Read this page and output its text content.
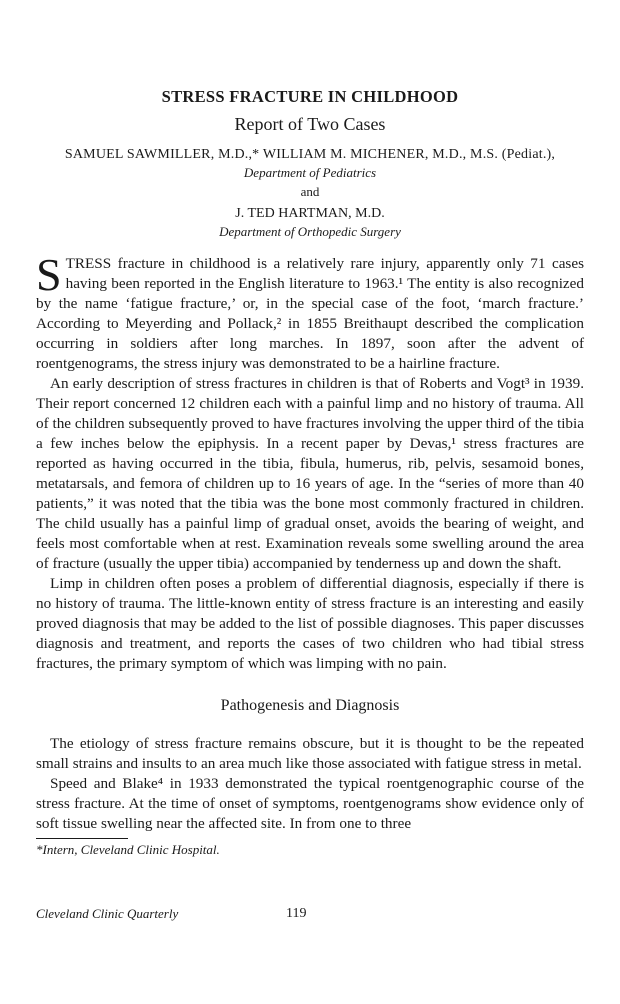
STRESS FRACTURE IN CHILDHOOD

Report of Two Cases

SAMUEL SAWMILLER, M.D.,* WILLIAM M. MICHENER, M.D., M.S. (Pediat.),

Department of Pediatrics

and

J. TED HARTMAN, M.D.

Department of Orthopedic Surgery

STRESS fracture in childhood is a relatively rare injury, apparently only 71 cases having been reported in the English literature to 1963.¹ The entity is also recognized by the name ‘fatigue fracture,’ or, in the special case of the foot, ‘march fracture.’ According to Meyerding and Pollack,² in 1855 Breithaupt described the complication occurring in soldiers after long marches. In 1897, soon after the advent of roentgenograms, the stress injury was demonstrated to be a hairline fracture.

An early description of stress fractures in children is that of Roberts and Vogt³ in 1939. Their report concerned 12 children each with a painful limp and no history of trauma. All of the children subsequently proved to have fractures involving the upper third of the tibia a few inches below the epiphysis. In a recent paper by Devas,¹ stress fractures are reported as having occurred in the tibia, fibula, humerus, rib, pelvis, sesamoid bones, metatarsals, and femora of children up to 16 years of age. In the “series of more than 40 patients,” it was noted that the tibia was the bone most commonly fractured in children. The child usually has a painful limp of gradual onset, avoids the bearing of weight, and feels most comfortable when at rest. Examination reveals some swelling around the area of fracture (usually the upper tibia) accompanied by tenderness up and down the shaft.

Limp in children often poses a problem of differential diagnosis, especially if there is no history of trauma. The little-known entity of stress fracture is an interesting and easily proved diagnosis that may be added to the list of possible diagnoses. This paper discusses diagnosis and treatment, and reports the cases of two children who had tibial stress fractures, the primary symptom of which was limping with no pain.

Pathogenesis and Diagnosis

The etiology of stress fracture remains obscure, but it is thought to be the repeated small strains and insults to an area much like those associated with fatigue stress in metal.

Speed and Blake⁴ in 1933 demonstrated the typical roentgenographic course of the stress fracture. At the time of onset of symptoms, roentgenograms show evidence only of soft tissue swelling near the affected site. In from one to three

*Intern, Cleveland Clinic Hospital.

Cleveland Clinic Quarterly	119
